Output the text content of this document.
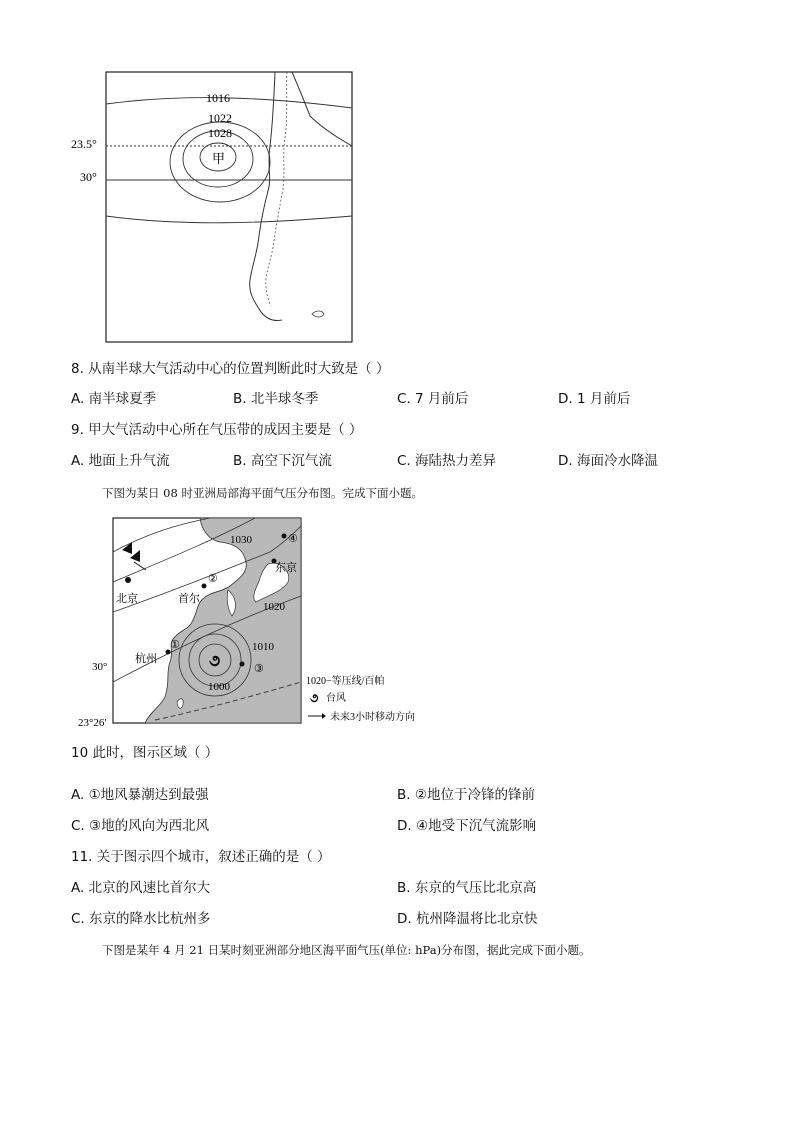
1016
1022
1028
甲
23.5°
30°
8. 从南半球大气活动中心的位置判断此时大致是（ ）
A. 南半球夏季	B. 北半球冬季	C. 7 月前后	D. 1 月前后
9. 甲大气活动中心所在气压带的成因主要是（ ）
A. 地面上升气流	B. 高空下沉气流	C. 海陆热力差异	D. 海面冷水降温
下图为某日 08 时亚洲局部海平面气压分布图。完成下面小题。
૭
1030
1020
1010
1000
北京	首尔
东京
杭州
①
②
③
④
30°
23°26′
1020−等压线/百帕
૭ 台风
未来3小时移动方向
10 此时，图示区域（ ）
A. ①地风暴潮达到最强	B. ②地位于冷锋的锋前
C. ③地的风向为西北风	D. ④地受下沉气流影响
11. 关于图示四个城市，叙述正确的是（ ）
A. 北京的风速比首尔大	B. 东京的气压比北京高
C. 东京的降水比杭州多	D. 杭州降温将比北京快
下图是某年 4 月 21 日某时刻亚洲部分地区海平面气压(单位: hPa)分布图，据此完成下面小题。
